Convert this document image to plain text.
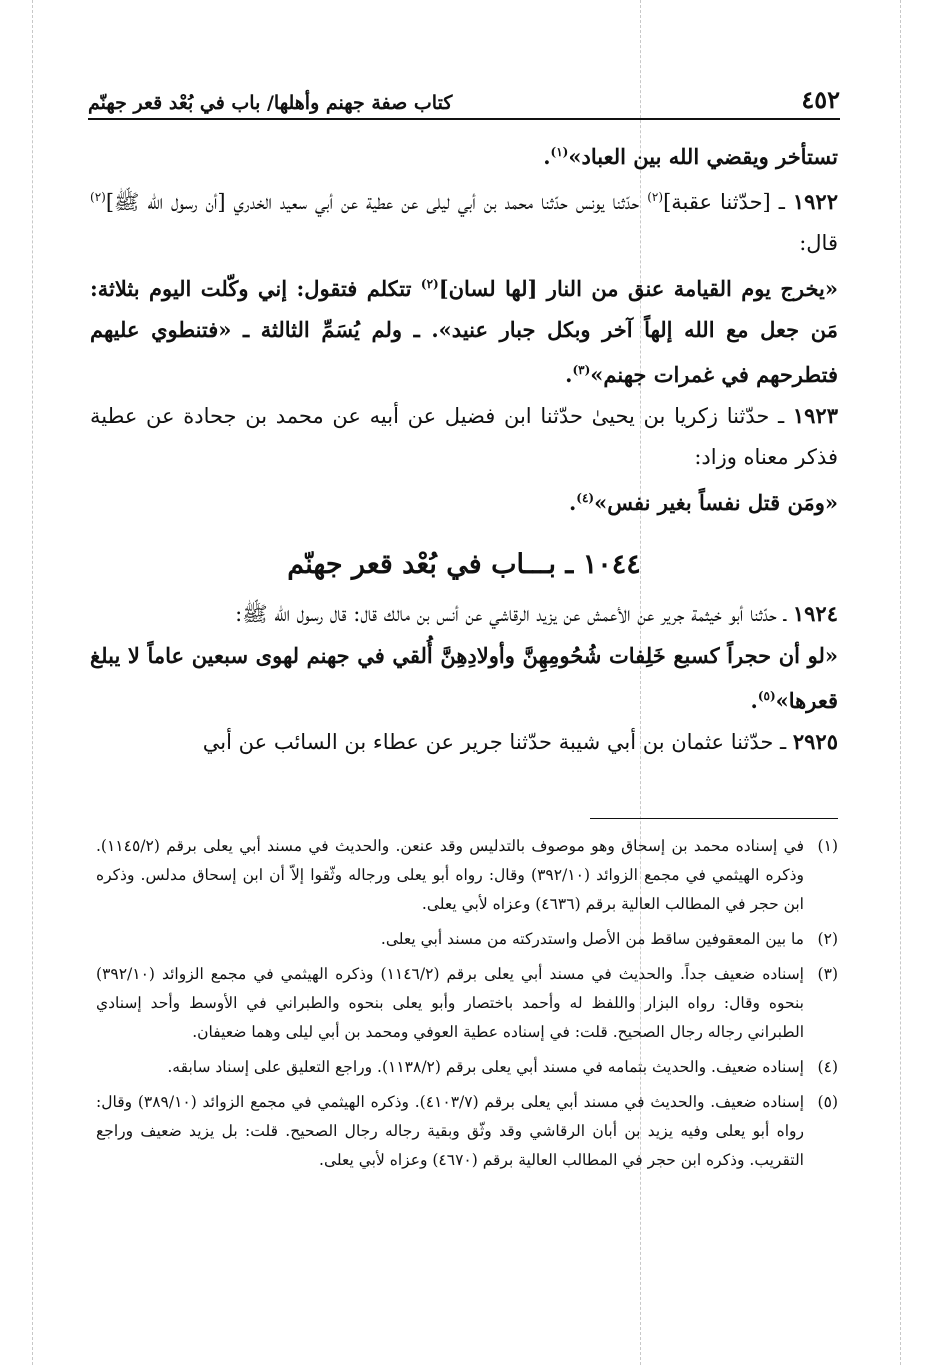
٤٥٢
كتاب صفة جهنم وأهلها/ باب في بُعْد قعر جهنّم

تستأخر ويقضي الله بين العباد»$^{(١)}$.

١٩٢٢ ـ [حدّثنا عقبة]$^{(٢)}$ حدّثنا يونس حدّثنا محمد بن أبي ليلى عن عطية عن أبي سعيد الخدري [أن رسول الله ﷺ]$^{(٢)}$ قال:

«يخرج يوم القيامة عنق من النار [لها لسان]$^{(٢)}$ تتكلم فتقول: إني وكّلت اليوم بثلاثة: مَن جعل مع الله إلهاً آخر وبكل جبار عنيد». ـ ولم يُسَمِّ الثالثة ـ «فتنطوي عليهم فتطرحهم في غمرات جهنم»$^{(٣)}$.

١٩٢٣ ـ حدّثنا زكريا بن يحيىٰ حدّثنا ابن فضيل عن أبيه عن محمد بن جحادة عن عطية فذكر معناه وزاد:

«ومَن قتل نفساً بغير نفس»$^{(٤)}$.

١٠٤٤ ـ بـــاب في بُعْد قعر جهنّم

١٩٢٤ ـ حدّثنا أبو خيثمة جرير عن الأعمش عن يزيد الرقاشي عن أنس بن مالك قال: قال رسول الله ﷺ:

«لو أن حجراً كسبع خَلِفات شُحُومِهِنَّ وأولادِهِنَّ أُلقي في جهنم لهوى سبعين عاماً لا يبلغ قعرها»$^{(٥)}$.

٢٩٢٥ ـ حدّثنا عثمان بن أبي شيبة حدّثنا جرير عن عطاء بن السائب عن أبي

(١)
في إسناده محمد بن إسحاق وهو موصوف بالتدليس وقد عنعن. والحديث في مسند أبي يعلى برقم (١١٤٥/٢). وذكره الهيثمي في مجمع الزوائد (٣٩٢/١٠) وقال: رواه أبو يعلى ورجاله وثّقوا إلاّ أن ابن إسحاق مدلس. وذكره ابن حجر في المطالب العالية برقم (٤٦٣٦) وعزاه لأبي يعلى.

(٢)
ما بين المعقوفين ساقط من الأصل واستدركته من مسند أبي يعلى.

(٣)
إسناده ضعيف جداً. والحديث في مسند أبي يعلى برقم (١١٤٦/٢) وذكره الهيثمي في مجمع الزوائد (٣٩٢/١٠) بنحوه وقال: رواه البزار واللفظ له وأحمد باختصار وأبو يعلى بنحوه والطبراني في الأوسط وأحد إسنادي الطبراني رجاله رجال الصحيح. قلت: في إسناده عطية العوفي ومحمد بن أبي ليلى وهما ضعيفان.

(٤)
إسناده ضعيف. والحديث بتمامه في مسند أبي يعلى برقم (١١٣٨/٢). وراجع التعليق على إسناد سابقه.

(٥)
إسناده ضعيف. والحديث في مسند أبي يعلى برقم (٤١٠٣/٧). وذكره الهيثمي في مجمع الزوائد (٣٨٩/١٠) وقال: رواه أبو يعلى وفيه يزيد بن أبان الرقاشي وقد وثّق وبقية رجاله رجال الصحيح. قلت: بل يزيد ضعيف وراجع التقريب. وذكره ابن حجر في المطالب العالية برقم (٤٦٧٠) وعزاه لأبي يعلى.
